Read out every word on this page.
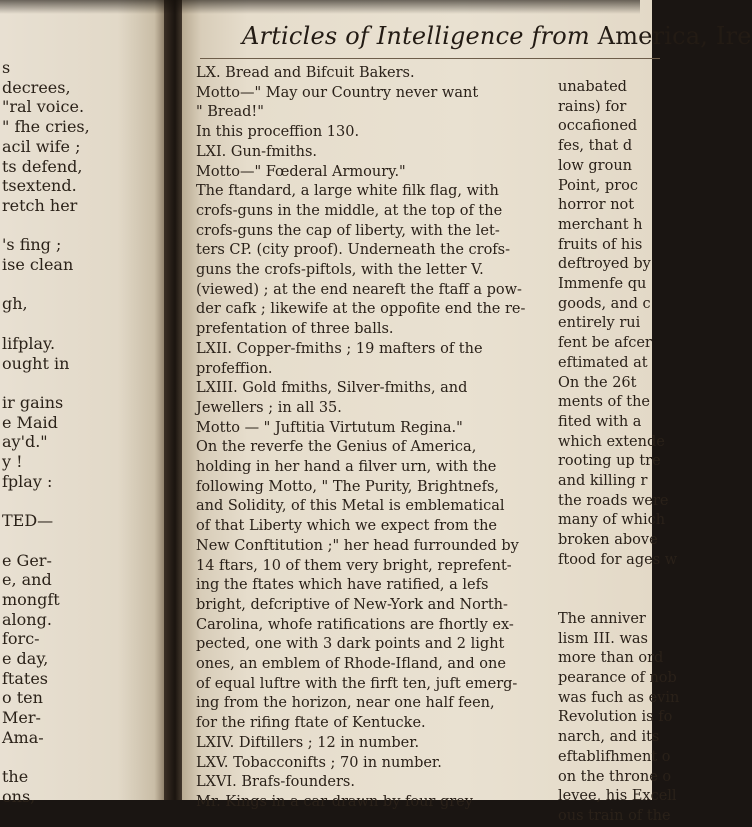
s
decrees,
"ral voice.
" fhe cries,
acil wife ;
ts defend,
tsextend.
retch her
's fing ;
ise clean
gh,
lifplay.
ought in
ir gains
e Maid
ay'd."
y !
fplay :
TED—
e Ger-
e, and
mongft
along.
forc-
e day,
ftates
o ten
Mer-
Ama-
the
ons,
Articles of Intelligence from America, Ire
LX. Bread and Bifcuit Bakers.
Motto—" May our Country never want
" Bread!"
In this proceffion 130.
LXI. Gun-fmiths.
Motto—" Fœderal Armoury."
The ftandard, a large white filk flag, with
crofs-guns in the middle, at the top of the
crofs-guns the cap of liberty, with the let-
ters CP. (city proof). Underneath the crofs-
guns the crofs-piftols, with the letter V.
(viewed) ; at the end neareft the ftaff a pow-
der cafk ; likewife at the oppofite end the re-
prefentation of three balls.
LXII. Copper-fmiths ; 19 mafters of the
profeffion.
LXIII. Gold fmiths, Silver-fmiths, and
Jewellers ; in all 35.
Motto — " Juftitia Virtutum Regina."
On the reverfe the Genius of America,
holding in her hand a filver urn, with the
following Motto, " The Purity, Brightnefs,
and Solidity, of this Metal is emblematical
of that Liberty which we expect from the
New Conftitution ;" her head furrounded by
14 ftars, 10 of them very bright, reprefent-
ing the ftates which have ratified, a lefs
bright, defcriptive of New-York and North-
Carolina, whofe ratifications are fhortly ex-
pected, one with 3 dark points and 2 light
ones, an emblem of Rhode-Ifland, and one
of equal luftre with the firft ten, juft emerg-
ing from the horizon, near one half feen,
for the rifing ftate of Kentucke.
LXIV. Diftillers ; 12 in number.
LXV. Tobacconifts ; 70 in number.
LXVI. Brafs-founders.
Mr. Kings in a car drawn by four grey
unabated
rains) for
occafioned
fes, that d
low groun
Point, proc
horror not
merchant h
fruits of his
deftroyed by
Immenfe qu
goods, and c
entirely rui
fent be afcer
eftimated at
On the 26t
ments of the
fited with a
which extende
rooting up tre
and killing r
the roads were
many of which
broken above
ftood for ages w
The anniver
lism III. was
more than ord
pearance of nob
was fuch as evin
Revolution is fo
narch, and its
eftablifhment o
on the throne o
levee, his Excell
ous train of the
